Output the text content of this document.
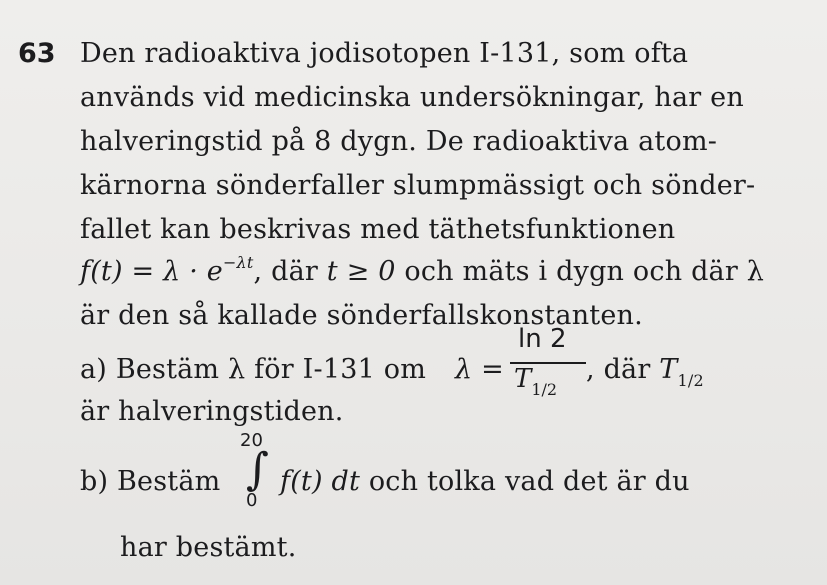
63 Den radioaktiva jodisotopen I-131, som ofta
används vid medicinska undersökningar, har en
halveringstid på 8 dygn. De radioaktiva atom-
kärnorna sönderfaller slumpmässigt och sönder-
fallet kan beskrivas med täthetsfunktionen
$f(t) = \lambda \cdot e^{-\lambda t}$, där t ≥ 0 och mäts i dygn och där λ
är den så kallade sönderfallskonstanten.
a) Bestäm λ för I-131 om λ =
ln 2
$T_{1/2}$
, där $T_{1/2}$
är halveringstiden.
b) Bestäm
20
∫
0
f(t) dt och tolka vad det är du
har bestämt.
